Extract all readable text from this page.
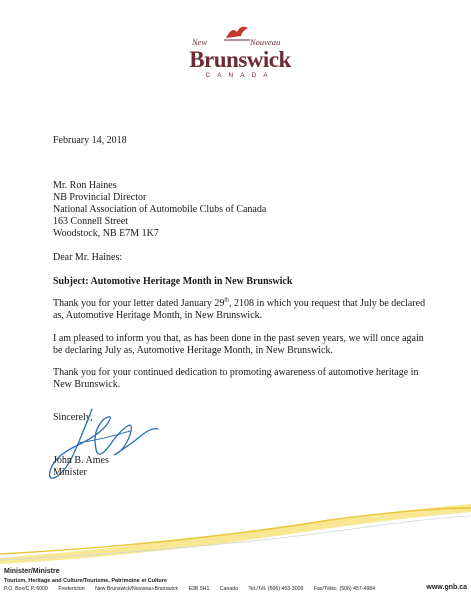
New	Nouveau
Brunswick
CANADA
February 14, 2018
Mr. Ron Haines
NB Provincial Director
National Association of Automobile Clubs of Canada
163 Connell Street
Woodstock, NB E7M 1K7
Dear Mr. Haines:
Subject: Automotive Heritage Month in New Brunswick
Thank you for your letter dated January 29th, 2108 in which you request that July be declared as, Automotive Heritage Month, in New Brunswick.
I am pleased to inform you that, as has been done in the past seven years, we will once again be declaring July as, Automotive Heritage Month, in New Brunswick.
Thank you for your continued dedication to promoting awareness of automotive heritage in New Brunswick.
Sincerely,
John B. Ames
Minister
Minister/Ministre
Tourism, Heritage and Culture/Tourisme, Patrimoine et Culture
P.O. Box/C.P. 6000 Fredericton New Brunswick/Nouveau-Brunswick E3B 5H1 Canada Tel./Tél. (506) 453-3009 Fax/Téléc. (506) 457-4984	www.gnb.ca
